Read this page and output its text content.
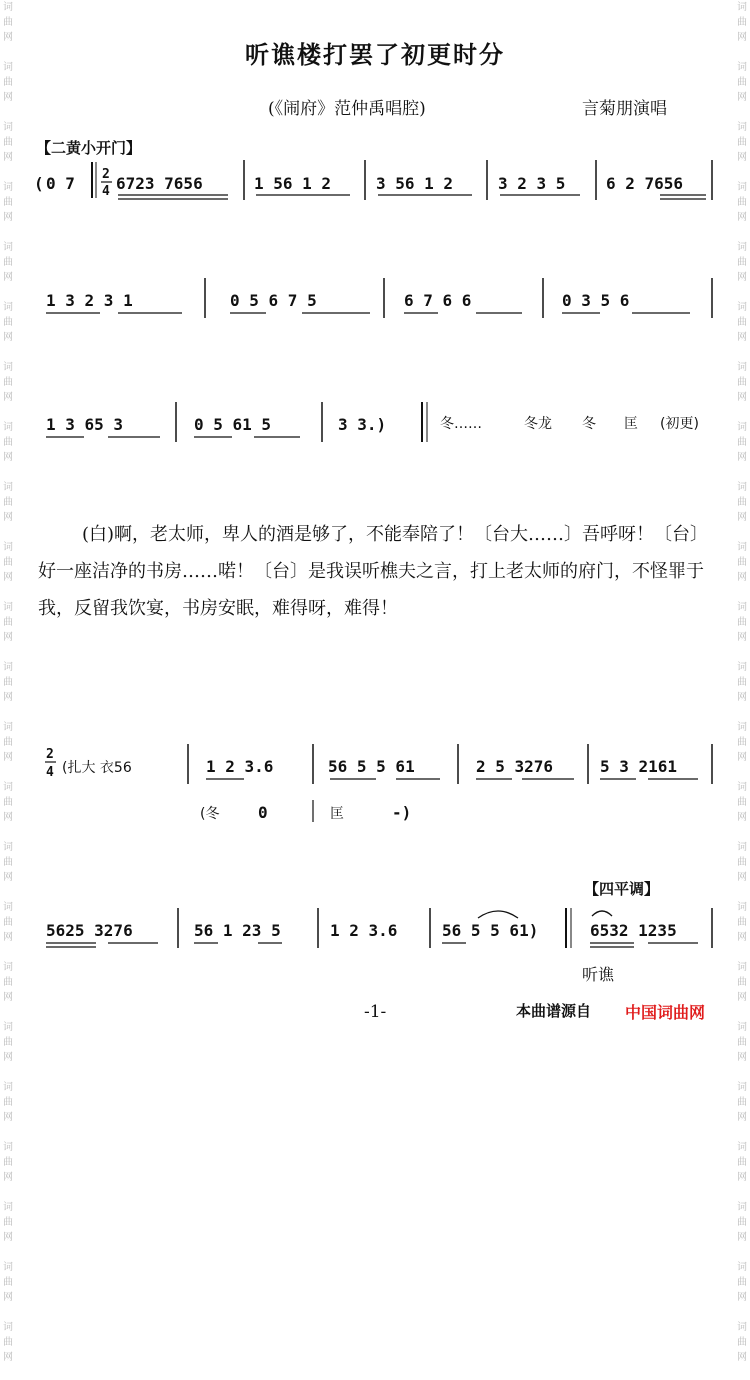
词
曲
网

词
曲
网

词
曲
网

词
曲
网

词
曲
网

词
曲
网

词
曲
网

词
曲
网

词
曲
网

词
曲
网

词
曲
网

词
曲
网

词
曲
网

词
曲
网

词
曲
网

词
曲
网

词
曲
网

词
曲
网

词
曲
网

词
曲
网

词
曲
网

词
曲
网

词
曲
网

词
曲
网

词
曲
网

词
曲
网

词
曲
网

词
曲
网

词
曲
网

词
曲
网

词
曲
网

词
曲
网

词
曲
网

词
曲
网

词
曲
网

词
曲
网

词
曲
网

词
曲
网

词
曲
网

词
曲
网

词
曲
网

词
曲
网

词
曲
网

词
曲
网

词
曲
网

词
曲
网

听谯楼打罢了初更时分
(《闹府》范仲禹唱腔)	言菊朋演唱
【二黄小开门】
( 0 7 2
4 6723 7656	1 56 1 2	3 56 1 2	3 2 3 5	6 2 7656
1 3 2 3 1	0 5 6 7 5	6 7 6 6	0 3 5 6
1 3 65 3	0 5 61 5	3 3.)	冬……	冬龙 冬 匡 (初更)
2
4 (扎大 衣56	1 2 3.6	56 5 5 61	2 5 3276	5 3 2161
(冬 0	匡	-)
5625 3276	56 1 23 5	1 2 3.6	56 5 5 61)	6532 1235
【四平调】

(白)啊，老太师，卑人的酒是够了，不能奉陪了！〔台大……〕吾呼呀！〔台〕好一座洁净的书房……喏！〔台〕是我误听樵夫之言，打上老太师的府门，不怪罪于我，反留我饮宴，书房安眠，难得呀，难得！

听谯
-1-	本曲谱源自 中国词曲网
